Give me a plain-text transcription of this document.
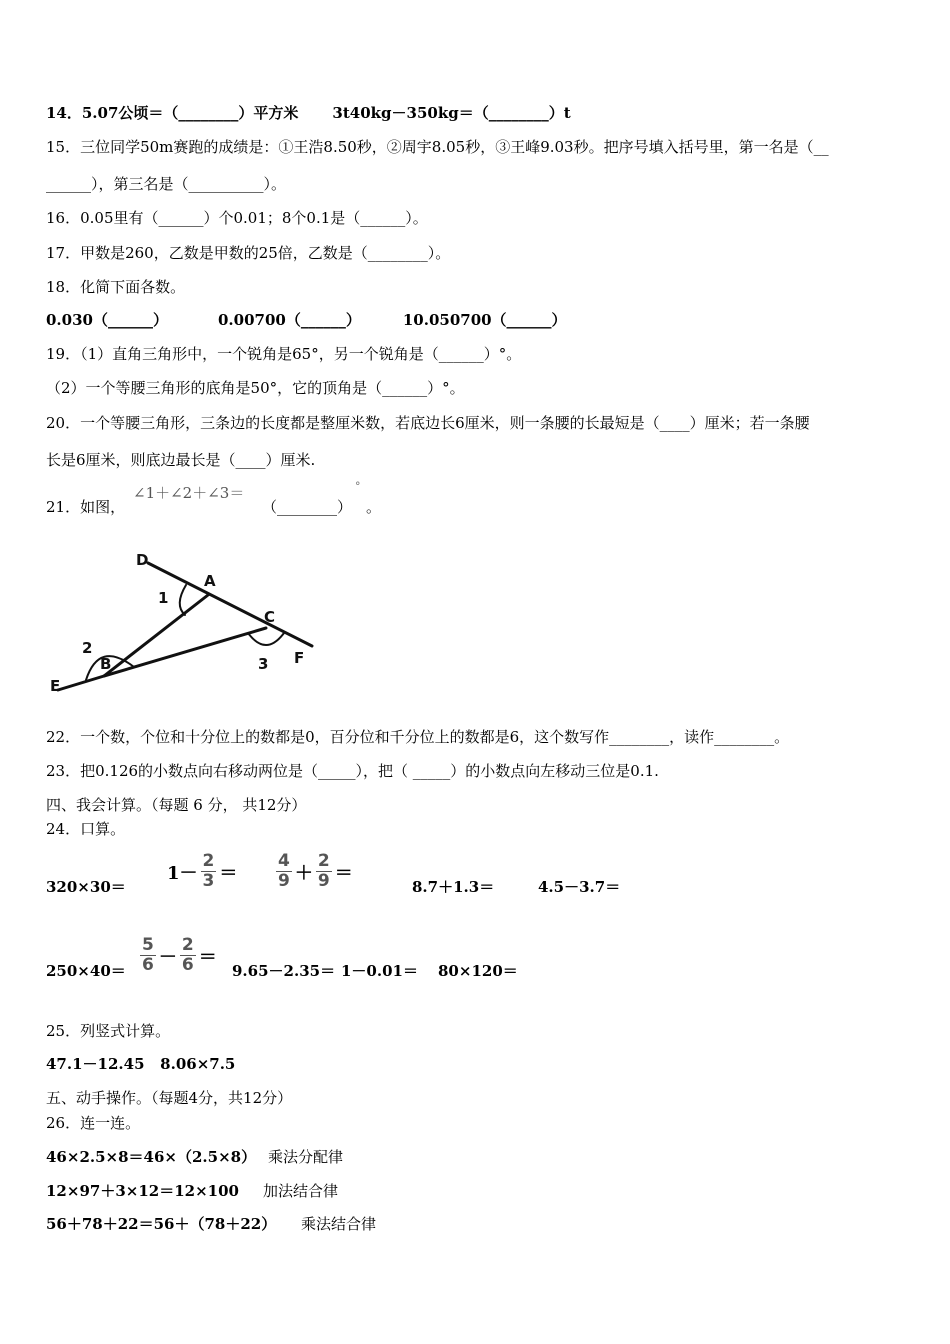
14．5.07公顷＝（________）平方米 3t40kg－350kg＝（________）t
15．三位同学50m赛跑的成绩是：①王浩8.50秒，②周宇8.05秒，③王峰9.03秒。把序号填入括号里，第一名是（__
______），第三名是（__________）。
16．0.05里有（______）个0.01；8个0.1是（______）。
17．甲数是260，乙数是甲数的25倍，乙数是（________）。
18．化简下面各数。
0.030（______）	0.00700（______）	10.050700（______）
19．（1）直角三角形中，一个锐角是65°，另一个锐角是（______）°。
（2）一个等腰三角形的底角是50°，它的顶角是（______）°。
20．一个等腰三角形，三条边的长度都是整厘米数，若底边长6厘米，则一条腰的长最短是（____）厘米；若一条腰
长是6厘米，则底边最长是（____）厘米.
21．如图，
∠1＋∠2＋∠3＝
（________）
°
。
D
A
C
F
E
B
1
2
3
22．一个数，个位和十分位上的数都是0，百分位和千分位上的数都是6，这个数写作________，读作________。
23．把0.126的小数点向右移动两位是（_____），把（ _____）的小数点向左移动三位是0.1.
四、我会计算。（每题 6 分， 共12分）
24．口算。
320×30＝
$1- \frac{2}{3} = \frac{4}{9} + \frac{2}{9}$ ＝
8.7＋1.3＝	4.5－3.7＝
$250\times 40= \frac{5}{6} - \frac{2}{6}$ ＝
9.65－2.35＝ 1－0.01＝ 80×120＝
25．列竖式计算。
47.1－12.45   8.06×7.5
五、动手操作。（每题4分，共12分）
26．连一连。
46×2.5×8＝46×（2.5×8） 乘法分配律
12×97＋3×12＝12×100 加法结合律
56＋78＋22＝56＋（78＋22） 乘法结合律
